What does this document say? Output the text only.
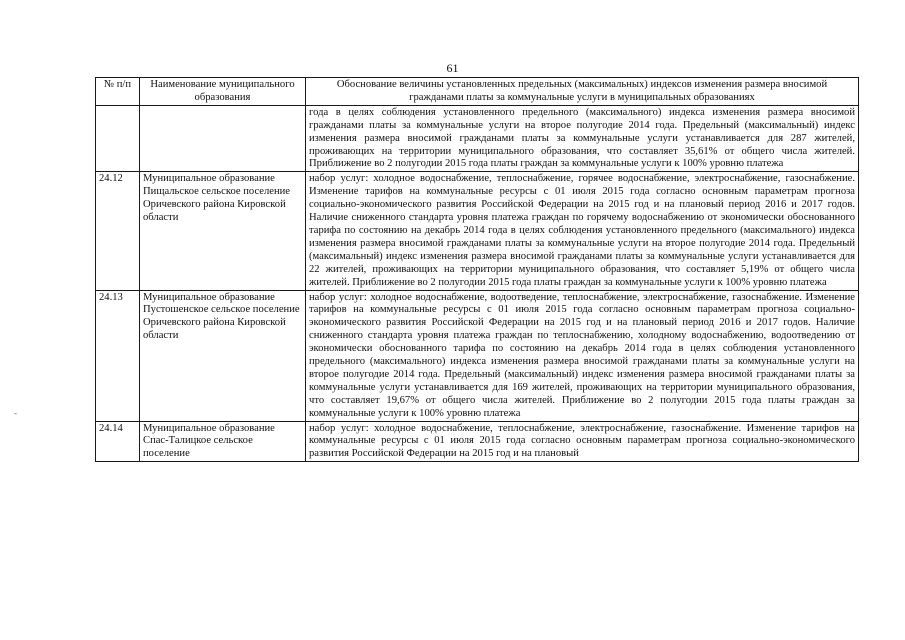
61
-
№ п/п	Наименование муниципального образования	Обоснование величины установленных предельных (максимальных) индексов изменения размера вносимой гражданами платы за коммунальные услуги в муниципальных образованиях
		года в целях соблюдения установленного предельного (максимального) индекса изменения размера вносимой гражданами платы за коммунальные услуги на второе полугодие 2014 года. Предельный (максимальный) индекс изменения размера вносимой гражданами платы за коммунальные услуги устанавливается для 287 жителей, проживающих на территории муниципального образования, что составляет 35,61% от общего числа жителей. Приближение во 2 полугодии 2015 года платы граждан за коммунальные услуги к 100% уровню платежа
24.12	Муниципальное образование Пищальское сельское поселение Оричевского района Кировской области	набор услуг: холодное водоснабжение, теплоснабжение, горячее водоснабжение, электроснабжение, газоснабжение. Изменение тарифов на коммунальные ресурсы с 01 июля 2015 года согласно основным параметрам прогноза социально-экономического развития Российской Федерации на 2015 год и на плановый период 2016 и 2017 годов. Наличие сниженного стандарта уровня платежа граждан по горячему водоснабжению от экономически обоснованного тарифа по состоянию на декабрь 2014 года в целях соблюдения установленного предельного (максимального) индекса изменения размера вносимой гражданами платы за коммунальные услуги на второе полугодие 2014 года. Предельный (максимальный) индекс изменения размера вносимой гражданами платы за коммунальные услуги устанавливается для 22 жителей, проживающих на территории муниципального образования, что составляет 5,19% от общего числа жителей. Приближение во 2 полугодии 2015 года платы граждан за коммунальные услуги к 100% уровню платежа
24.13	Муниципальное образование Пустошенское сельское поселение Оричевского района Кировской области	набор услуг: холодное водоснабжение, водоотведение, теплоснабжение, электроснабжение, газоснабжение. Изменение тарифов на коммунальные ресурсы с 01 июля 2015 года согласно основным параметрам прогноза социально-экономического развития Российской Федерации на 2015 год и на плановый период 2016 и 2017 годов. Наличие сниженного стандарта уровня платежа граждан по теплоснабжению, холодному водоснабжению, водоотведению от экономически обоснованного тарифа по состоянию на декабрь 2014 года в целях соблюдения установленного предельного (максимального) индекса изменения размера вносимой гражданами платы за коммунальные услуги на второе полугодие 2014 года. Предельный (максимальный) индекс изменения размера вносимой гражданами платы за коммунальные услуги устанавливается для 169 жителей, проживающих на территории муниципального образования, что составляет 19,67% от общего числа жителей. Приближение во 2 полугодии 2015 года платы граждан за коммунальные услуги к 100% уровню платежа
24.14	Муниципальное образование Спас-Талицкое сельское поселение	набор услуг: холодное водоснабжение, теплоснабжение, электроснабжение, газоснабжение. Изменение тарифов на коммунальные ресурсы с 01 июля 2015 года согласно основным параметрам прогноза социально-экономического развития Российской Федерации на 2015 год и на плановый
